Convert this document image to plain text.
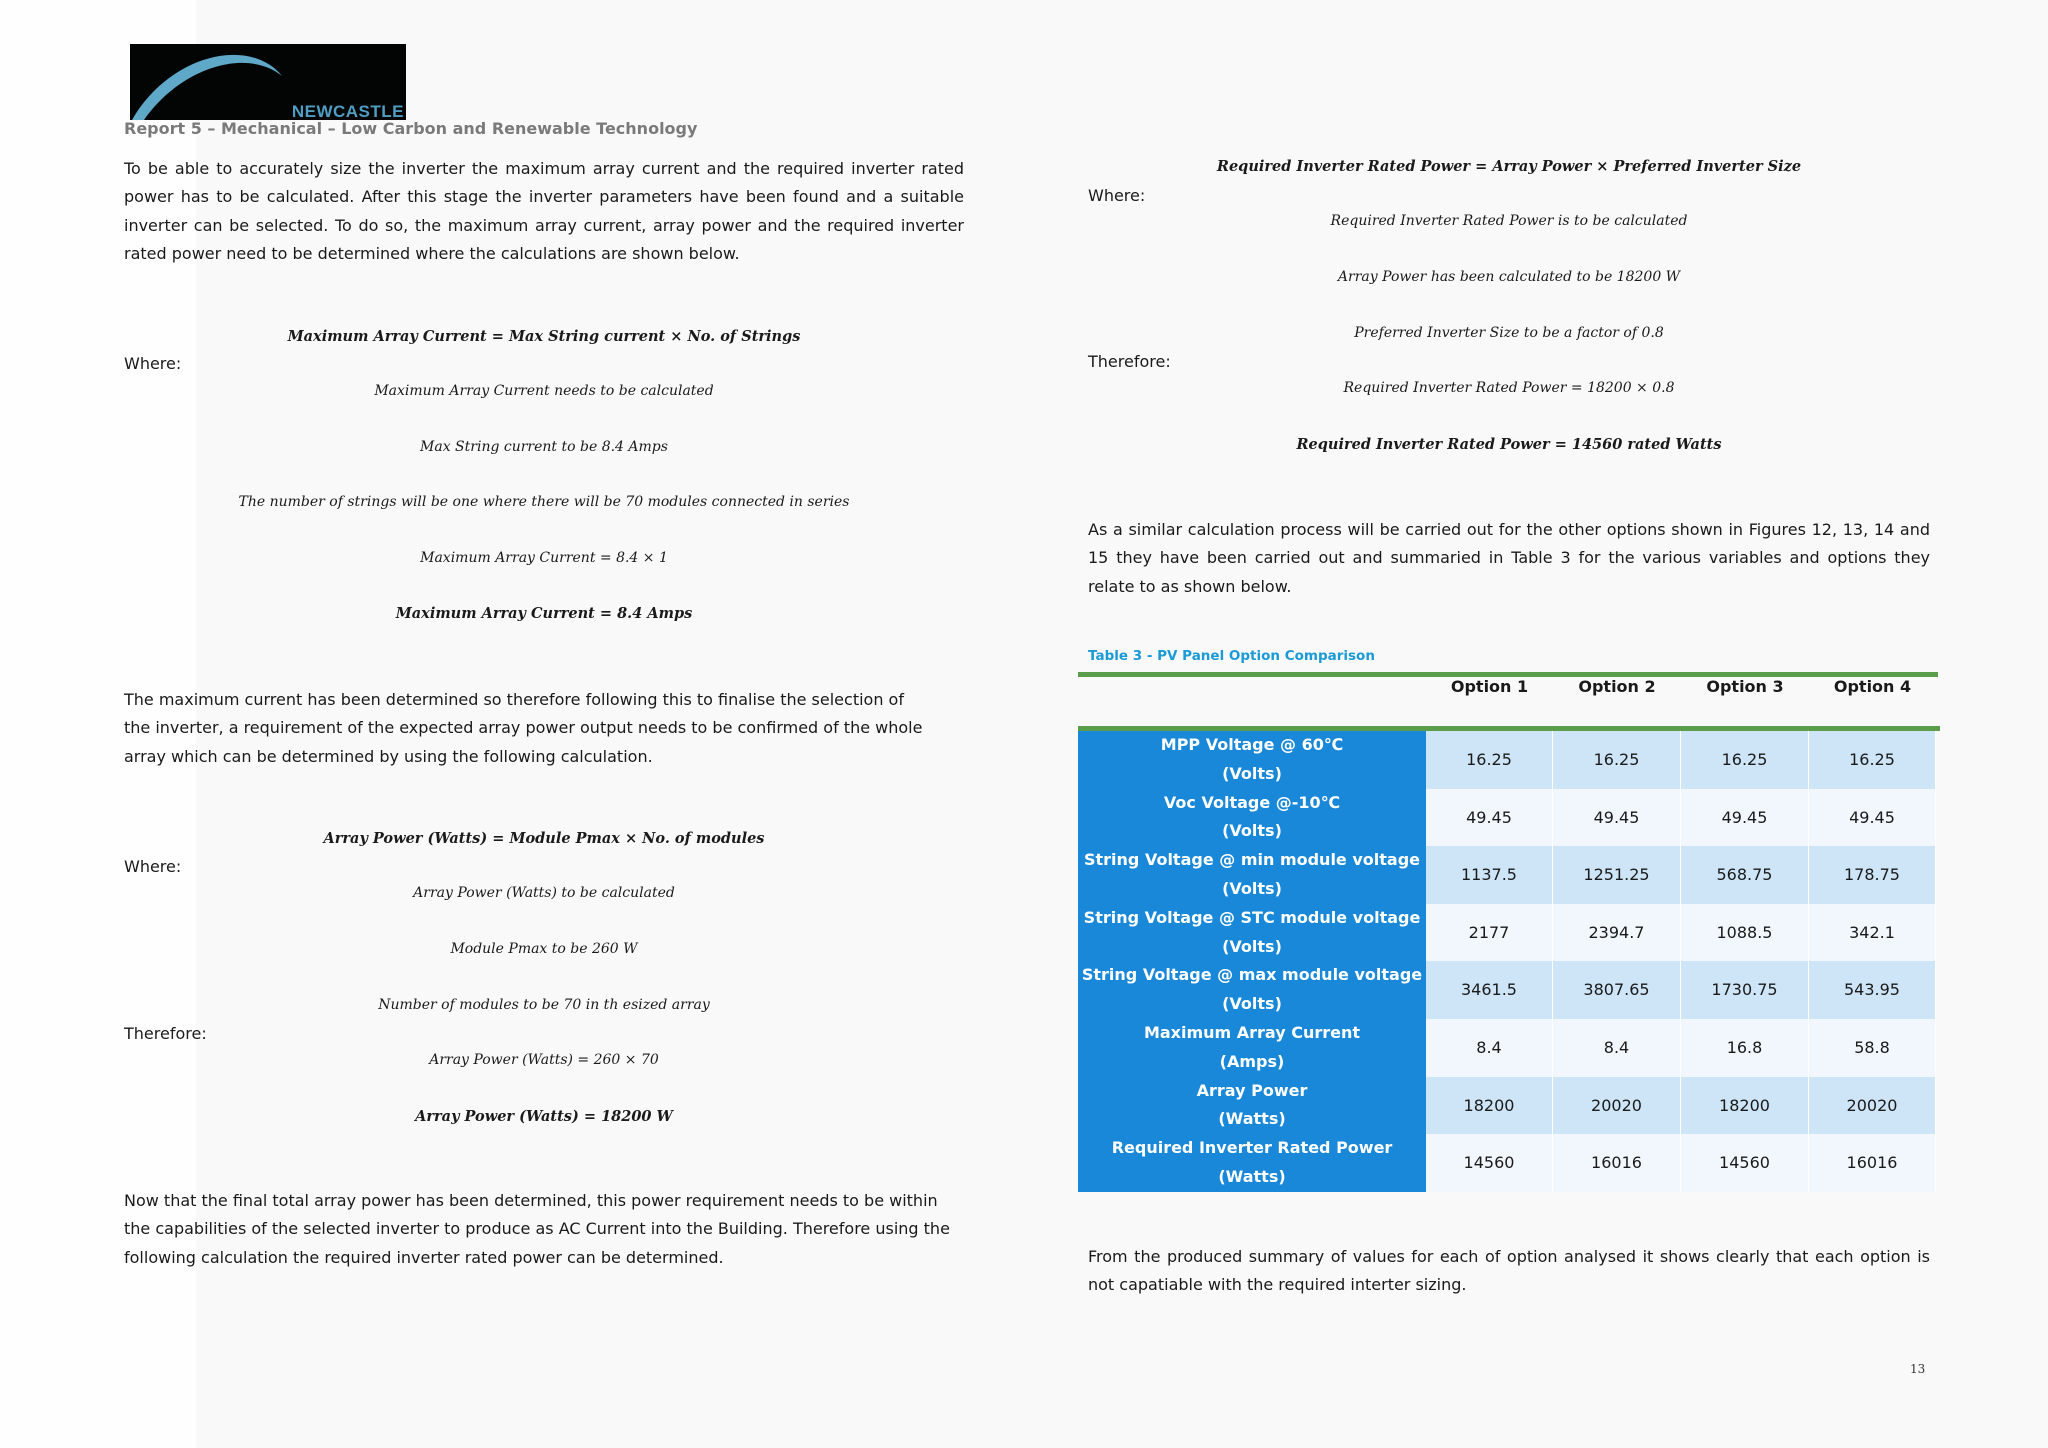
NEWCASTLE
Report 5 – Mechanical – Low Carbon and Renewable Technology
To be able to accurately size the inverter the maximum array current and the required inverter rated power has to be calculated. After this stage the inverter parameters have been found and a suitable inverter can be selected. To do so, the maximum array current, array power and the required inverter rated power need to be determined where the calculations are shown below.
Maximum Array Current = Max String current × No. of Strings
Where:
Maximum Array Current needs to be calculated
Max String current to be 8.4 Amps
The number of strings will be one where there will be 70 modules connected in series
Maximum Array Current = 8.4 × 1
Maximum Array Current = 8.4 Amps
The maximum current has been determined so therefore following this to finalise the selection of the inverter, a requirement of the expected array power output needs to be confirmed of the whole array which can be determined by using the following calculation.
Array Power (Watts) = Module Pmax × No. of modules
Where:
Array Power (Watts) to be calculated
Module Pmax to be 260 W
Number of modules to be 70 in th esized array
Therefore:
Array Power (Watts) = 260 × 70
Array Power (Watts) = 18200 W
Now that the final total array power has been determined, this power requirement needs to be within the capabilities of the selected inverter to produce as AC Current into the Building. Therefore using the following calculation the required inverter rated power can be determined.
Required Inverter Rated Power = Array Power × Preferred Inverter Size
Where:
Required Inverter Rated Power is to be calculated
Array Power has been calculated to be 18200 W
Preferred Inverter Size to be a factor of 0.8
Therefore:
Required Inverter Rated Power = 18200 × 0.8
Required Inverter Rated Power = 14560 rated Watts
As a similar calculation process will be carried out for the other options shown in Figures 12, 13, 14 and 15 they have been carried out and summaried in Table 3 for the various variables and options they relate to as shown below.
Table 3 - PV Panel Option Comparison
Option 1	Option 2	Option 3	Option 4
MPP Voltage @ 60℃
(Volts)
16.25	16.25	16.25	16.25
Voc Voltage @-10℃
(Volts)
49.45	49.45	49.45	49.45
String Voltage @ min module voltage
(Volts)
1137.5	1251.25	568.75	178.75
String Voltage @ STC module voltage
(Volts)
2177	2394.7	1088.5	342.1
String Voltage @ max module voltage
(Volts)
3461.5	3807.65	1730.75	543.95
Maximum Array Current
(Amps)
8.4	8.4	16.8	58.8
Array Power
(Watts)
18200	20020	18200	20020
Required Inverter Rated Power
(Watts)
14560	16016	14560	16016
From the produced summary of values for each of option analysed it shows clearly that each option is not capatiable with the required interter sizing.
13
